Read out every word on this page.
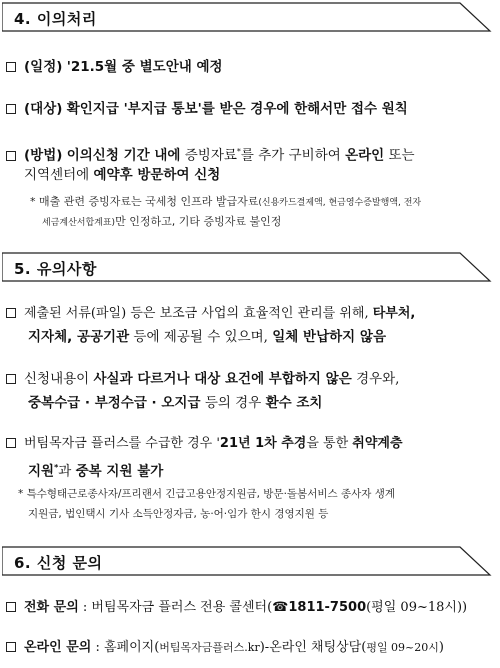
4. 이의처리
(일정) '21.5월 중 별도안내 예정
(대상) 확인지급 '부지급 통보'를 받은 경우에 한해서만 접수 원칙
(방법) 이의신청 기간 내에 증빙자료*를 추가 구비하여 온라인 또는
지역센터에 예약후 방문하여 신청
* 매출 관련 증빙자료는 국세청 인프라 발급자료(신용카드결제액, 현금영수증발행액, 전자
세금계산서합계표)만 인정하고, 기타 증빙자료 불인정
5. 유의사항
제출된 서류(파일) 등은 보조금 사업의 효율적인 관리를 위해, 타부처,
지자체, 공공기관 등에 제공될 수 있으며, 일체 반납하지 않음
신청내용이 사실과 다르거나 대상 요건에 부합하지 않은 경우와,
중복수급 · 부정수급 · 오지급 등의 경우 환수 조치
버팀목자금 플러스를 수급한 경우 '21년 1차 추경을 통한 취약계층
지원*과 중복 지원 불가
* 특수형태근로종사자/프리랜서 긴급고용안정지원금, 방문·돌봄서비스 종사자 생계
지원금, 법인택시 기사 소득안정자금, 농·어·임가 한시 경영지원 등
6. 신청 문의
전화 문의 : 버팀목자금 플러스 전용 콜센터(☎1811-7500(평일 09~18시))
온라인 문의 : 홈페이지(버팀목자금플러스.kr)-온라인 채팅상담(평일 09~20시)
